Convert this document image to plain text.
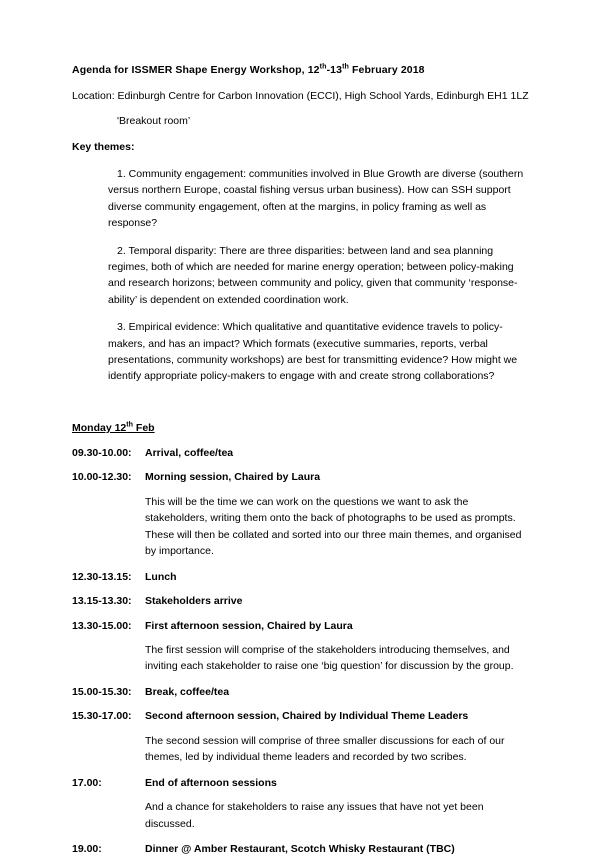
Agenda for ISSMER Shape Energy Workshop, 12th-13th February 2018

Location: Edinburgh Centre for Carbon Innovation (ECCI), High School Yards, Edinburgh EH1 1LZ

'Breakout room’

Key themes:

1. Community engagement: communities involved in Blue Growth are diverse (southern versus northern Europe, coastal fishing versus urban business). How can SSH support diverse community engagement, often at the margins, in policy framing as well as response?

2. Temporal disparity: There are three disparities: between land and sea planning regimes, both of which are needed for marine energy operation; between policy-making and research horizons; between community and policy, given that community ‘response-ability’ is dependent on extended coordination work.

3. Empirical evidence: Which qualitative and quantitative evidence travels to policy-makers, and has an impact? Which formats (executive summaries, reports, verbal presentations, community workshops) are best for transmitting evidence? How might we identify appropriate policy-makers to engage with and create strong collaborations?

Monday 12th Feb
09.30-10.00:	Arrival, coffee/tea
10.00-12.30:	Morning session, Chaired by Laura

This will be the time we can work on the questions we want to ask the stakeholders, writing them onto the back of photographs to be used as prompts. These will then be collated and sorted into our three main themes, and organised by importance.

12.30-13.15:	Lunch
13.15-13.30:	Stakeholders arrive
13.30-15.00:	First afternoon session, Chaired by Laura

The first session will comprise of the stakeholders introducing themselves, and inviting each stakeholder to raise one ‘big question’ for discussion by the group.

15.00-15.30:	Break, coffee/tea
15.30-17.00:	Second afternoon session, Chaired by Individual Theme Leaders

The second session will comprise of three smaller discussions for each of our themes, led by individual theme leaders and recorded by two scribes.

17.00:	End of afternoon sessions

And a chance for stakeholders to raise any issues that have not yet been discussed.

19.00:	Dinner @ Amber Restaurant, Scotch Whisky Restaurant (TBC)
